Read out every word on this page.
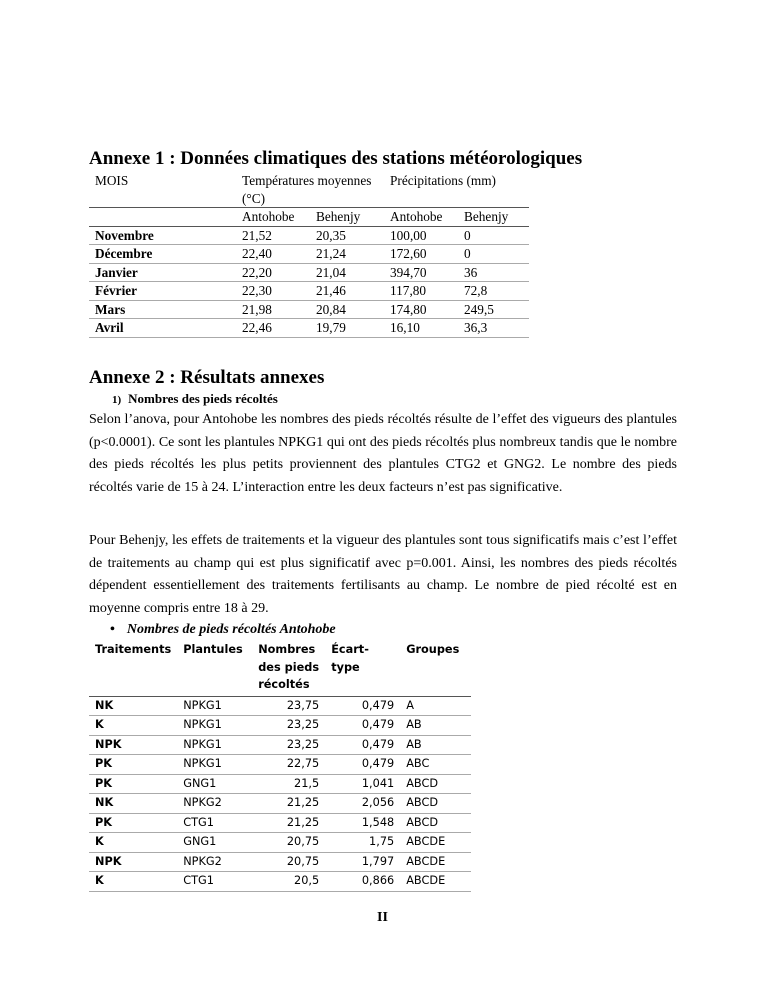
Annexe 1 : Données climatiques des stations météorologiques
MOIS	Températures moyennes (°C)		Précipitations (mm)	
	Antohobe	Behenjy	Antohobe	Behenjy
Novembre	21,52	20,35	100,00	0
Décembre	22,40	21,24	172,60	0
Janvier	22,20	21,04	394,70	36
Février	22,30	21,46	117,80	72,8
Mars	21,98	20,84	174,80	249,5
Avril	22,46	19,79	16,10	36,3
Annexe 2 : Résultats annexes
1) Nombres des pieds récoltés

Selon l’anova, pour Antohobe les nombres des pieds récoltés résulte de l’effet des vigueurs des plantules (p<0.0001). Ce sont les plantules NPKG1 qui ont des pieds récoltés plus nombreux tandis que le nombre des pieds récoltés les plus petits proviennent des plantules CTG2 et GNG2. Le nombre des pieds récoltés varie de 15 à 24. L’interaction entre les deux facteurs n’est pas significative.

Pour Behenjy, les effets de traitements et la vigueur des plantules sont tous significatifs mais c’est l’effet de traitements au champ qui est plus significatif avec p=0.001. Ainsi, les nombres des pieds récoltés dépendent essentiellement des traitements fertilisants au champ. Le nombre de pied récolté est en moyenne compris entre 18 à 29.

• Nombres de pieds récoltés Antohobe
Traitements	Plantules	Nombres des pieds récoltés	Écart-type	Groupes
NK	NPKG1	23,75	0,479	A
K	NPKG1	23,25	0,479	AB
NPK	NPKG1	23,25	0,479	AB
PK	NPKG1	22,75	0,479	ABC
PK	GNG1	21,5	1,041	ABCD
NK	NPKG2	21,25	2,056	ABCD
PK	CTG1	21,25	1,548	ABCD
K	GNG1	20,75	1,75	ABCDE
NPK	NPKG2	20,75	1,797	ABCDE
K	CTG1	20,5	0,866	ABCDE
II
